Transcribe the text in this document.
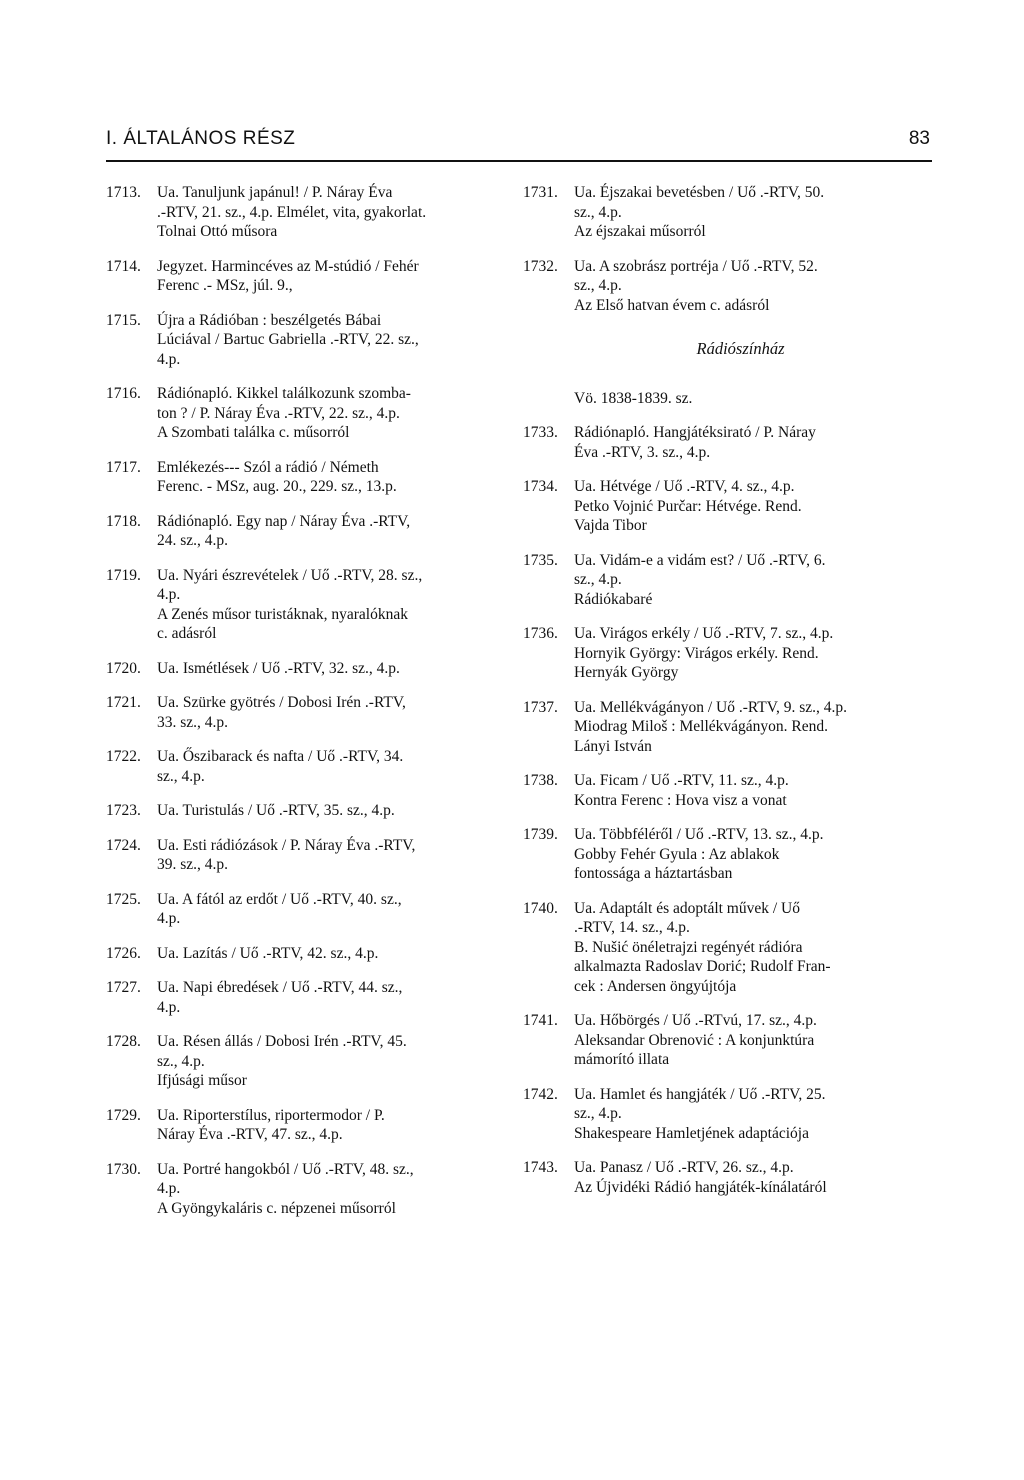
I. ÁLTALÁNOS RÉSZ	83
1713.	Ua. Tanuljunk japánul! / P. Náray Éva
.-RTV, 21. sz., 4.p. Elmélet, vita, gyakorlat.
Tolnai Ottó műsora
1714.	Jegyzet. Harmincéves az M-stúdió / Fehér
Ferenc .- MSz, júl. 9.,
1715.	Újra a Rádióban : beszélgetés Bábai
Lúciával / Bartuc Gabriella .-RTV, 22. sz.,
4.p.
1716.	Rádiónapló. Kikkel találkozunk szomba-
ton ? / P. Náray Éva .-RTV, 22. sz., 4.p.
A Szombati találka c. műsorról
1717.	Emlékezés--- Szól a rádió / Németh
Ferenc. - MSz, aug. 20., 229. sz., 13.p.
1718.	Rádiónapló. Egy nap / Náray Éva .-RTV,
24. sz., 4.p.
1719.	Ua. Nyári észrevételek / Uő .-RTV, 28. sz.,
4.p.
A Zenés műsor turistáknak, nyaralóknak
c. adásról
1720.	Ua. Ismétlések / Uő .-RTV, 32. sz., 4.p.
1721.	Ua. Szürke gyötrés / Dobosi Irén .-RTV,
33. sz., 4.p.
1722.	Ua. Őszibarack és nafta / Uő .-RTV, 34.
sz., 4.p.
1723.	Ua. Turistulás / Uő .-RTV, 35. sz., 4.p.
1724.	Ua. Esti rádiózások / P. Náray Éva .-RTV,
39. sz., 4.p.
1725.	Ua. A fától az erdőt / Uő .-RTV, 40. sz.,
4.p.
1726.	Ua. Lazítás / Uő .-RTV, 42. sz., 4.p.
1727.	Ua. Napi ébredések / Uő .-RTV, 44. sz.,
4.p.
1728.	Ua. Résen állás / Dobosi Irén .-RTV, 45.
sz., 4.p.
Ifjúsági műsor
1729.	Ua. Riporterstílus, riportermodor / P.
Náray Éva .-RTV, 47. sz., 4.p.
1730.	Ua. Portré hangokból / Uő .-RTV, 48. sz.,
4.p.
A Gyöngykaláris c. népzenei műsorról
1731.	Ua. Éjszakai bevetésben / Uő .-RTV, 50.
sz., 4.p.
Az éjszakai műsorról
1732.	Ua. A szobrász portréja / Uő .-RTV, 52.
sz., 4.p.
Az Első hatvan évem c. adásról
Rádiószínház
Vö. 1838-1839. sz.
1733.	Rádiónapló. Hangjátéksirató / P. Náray
Éva .-RTV, 3. sz., 4.p.
1734.	Ua. Hétvége / Uő .-RTV, 4. sz., 4.p.
Petko Vojnić Purčar: Hétvége. Rend.
Vajda Tibor
1735.	Ua. Vidám-e a vidám est? / Uő .-RTV, 6.
sz., 4.p.
Rádiókabaré
1736.	Ua. Virágos erkély / Uő .-RTV, 7. sz., 4.p.
Hornyik György: Virágos erkély. Rend.
Hernyák György
1737.	Ua. Mellékvágányon / Uő .-RTV, 9. sz., 4.p.
Miodrag Miloš : Mellékvágányon. Rend.
Lányi István
1738.	Ua. Ficam / Uő .-RTV, 11. sz., 4.p.
Kontra Ferenc : Hova visz a vonat
1739.	Ua. Többféléről / Uő .-RTV, 13. sz., 4.p.
Gobby Fehér Gyula : Az ablakok
fontossága a háztartásban
1740.	Ua. Adaptált és adoptált művek / Uő
.-RTV, 14. sz., 4.p.
B. Nušić önéletrajzi regényét rádióra
alkalmazta Radoslav Dorić; Rudolf Fran-
cek : Andersen öngyújtója
1741.	Ua. Hőbörgés / Uő .-RTvú, 17. sz., 4.p.
Aleksandar Obrenović : A konjunktúra
mámorító illata
1742.	Ua. Hamlet és hangjáték / Uő .-RTV, 25.
sz., 4.p.
Shakespeare Hamletjének adaptációja
1743.	Ua. Panasz / Uő .-RTV, 26. sz., 4.p.
Az Újvidéki Rádió hangjáték-kínálatáról
